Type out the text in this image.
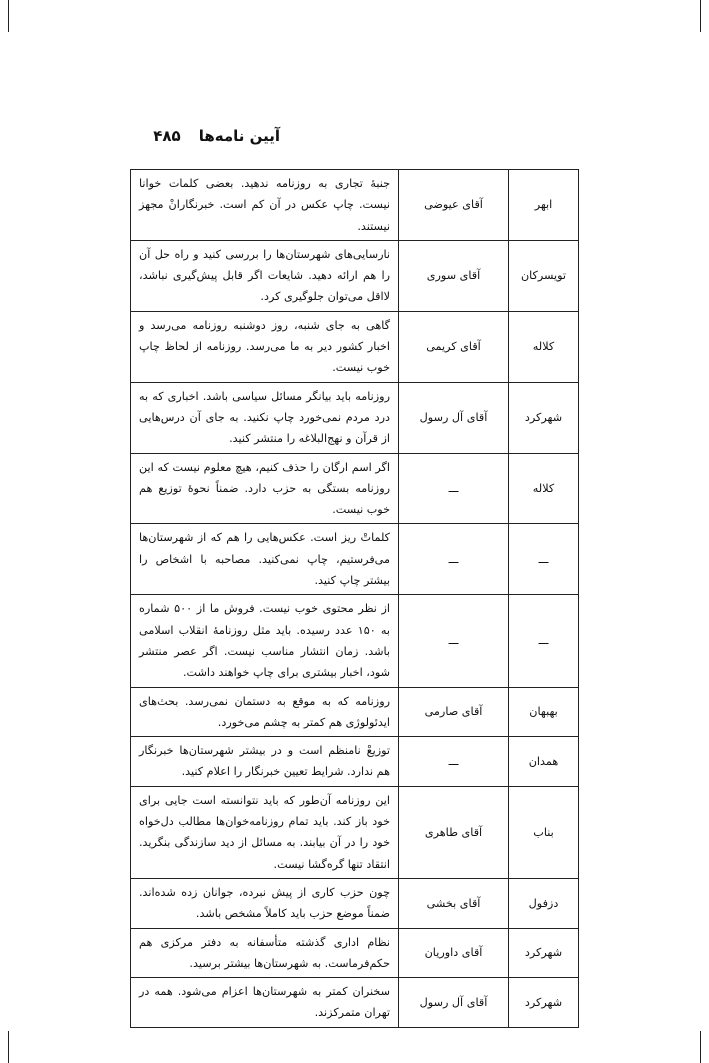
آیین نامه‌ها
۴۸۵
ابهر	آقای عیوضی	جنبهٔ تجاری به روزنامه ندهید. بعضی کلمات خوانا نیست. چاپ عکس در آن کم است. خبرنگارانْ مجهز نیستند.
تویسرکان	آقای سوری	نارسایی‌های شهرستان‌ها را بررسی کنید و راه حل آن را هم ارائه دهید. شایعات اگر قابل پیش‌گیری نباشد، لااقل می‌توان جلوگیری کرد.
کلاله	آقای کریمی	گاهی به جای شنبه، روز دوشنبه روزنامه می‌رسد و اخبار کشور دیر به ما می‌رسد. روزنامه از لحاظ چاپ خوب نیست.
شهرکرد	آقای آل رسول	روزنامه باید بیانگر مسائل سیاسی باشد. اخباری که به درد مردم نمی‌خورد چاپ نکنید. به جای آن درس‌هایی از قرآن و نهج‌البلاغه را منتشر کنید.
کلاله	ـــ	اگر اسم ارگان را حذف کنیم، هیچ معلوم نیست که این روزنامه بستگی به حزب دارد. ضمناً نحوهٔ توزیع هم خوب نیست.
ـــ	ـــ	کلماتْ ریز است. عکس‌هایی را هم که از شهرستان‌ها می‌فرستیم، چاپ نمی‌کنید. مصاحبه با اشخاص را بیشتر چاپ کنید.
ـــ	ـــ	از نظر محتوی خوب نیست. فروش ما از ۵۰۰ شماره به ۱۵۰ عدد رسیده. باید مثل روزنامهٔ انقلاب اسلامی باشد. زمان انتشار مناسب نیست. اگر عصر منتشر شود، اخبار بیشتری برای چاپ خواهند داشت.
بهبهان	آقای صارمی	روزنامه که به موقع به دستمان نمی‌رسد. بحث‌های ایدئولوژی هم کمتر به چشم می‌خورد.
همدان	ـــ	توزیعْ نامنظم است و در بیشتر شهرستان‌ها خبرنگار هم ندارد. شرایط تعیین خبرنگار را اعلام کنید.
بناب	آقای طاهری	این روزنامه آن‌طور که باید نتوانسته است جایی برای خود باز کند. باید تمام روزنامه‌خوان‌ها مطالب دل‌خواه خود را در آن بیابند. به مسائل از دید سازندگی بنگرید. انتقاد تنها گره‌گشا نیست.
دزفول	آقای بخشی	چون حزب کاری از پیش نبرده، جوانان زده شده‌اند. ضمناً موضع حزب باید کاملاً مشخص باشد.
شهرکرد	آقای داوریان	نظام اداری گذشته متأسفانه به دفتر مرکزی هم حکم‌فرماست. به شهرستان‌ها بیشتر برسید.
شهرکرد	آقای آل رسول	سخنران کمتر به شهرستان‌ها اعزام می‌شود. همه در تهران متمرکزند.
